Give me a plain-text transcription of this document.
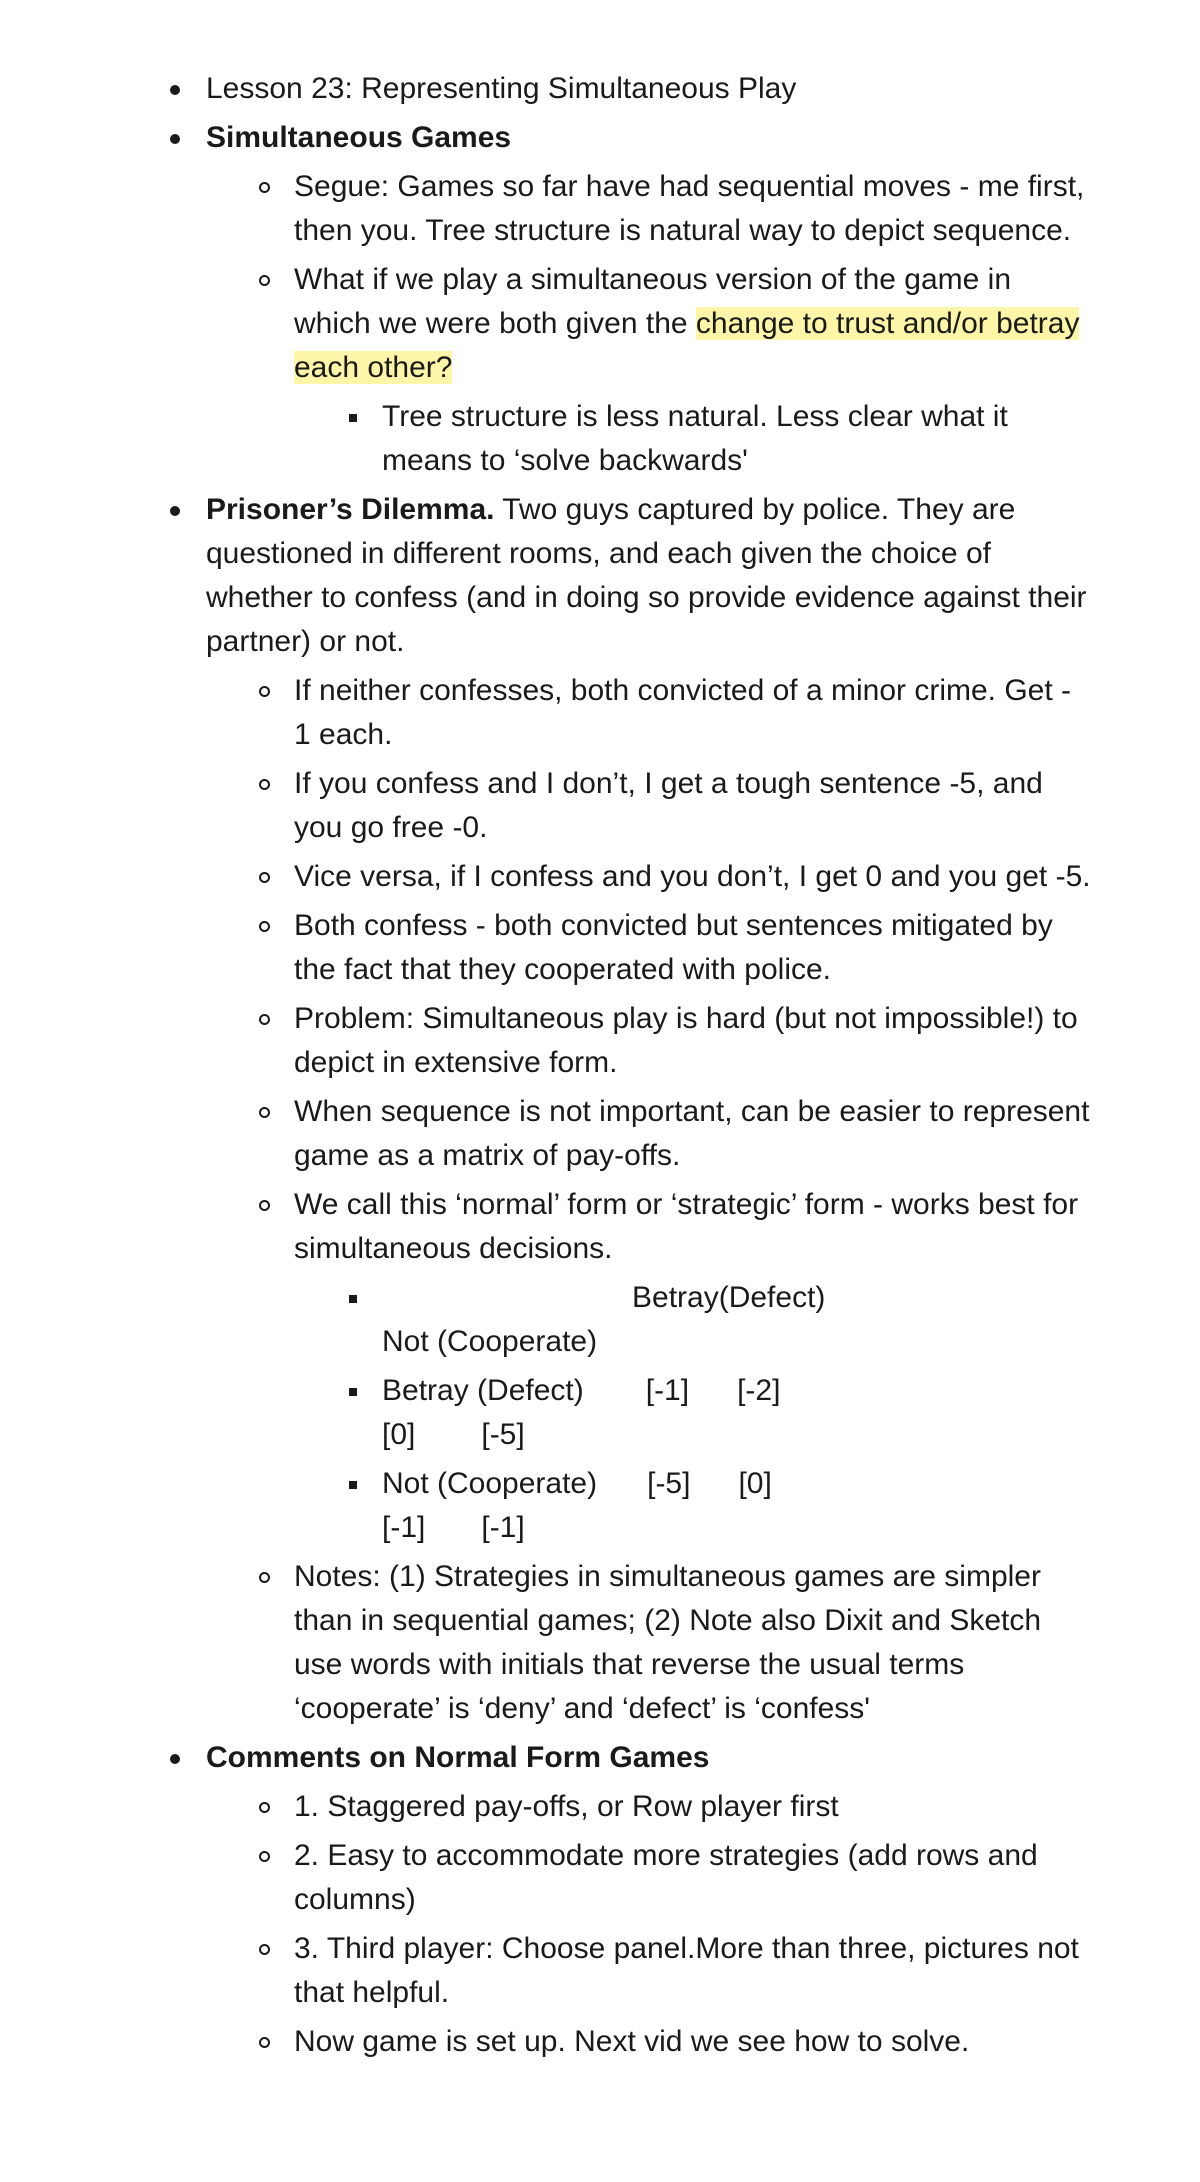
Lesson 23: Representing Simultaneous Play
Simultaneous Games
Segue: Games so far have had sequential moves - me first, then you. Tree structure is natural way to depict sequence.
What if we play a simultaneous version of the game in which we were both given the change to trust and/or betray each other?
Tree structure is less natural. Less clear what it means to ‘solve backwards'
Prisoner’s Dilemma. Two guys captured by police. They are questioned in different rooms, and each given the choice of whether to confess (and in doing so provide evidence against their partner) or not.
If neither confesses, both convicted of a minor crime. Get - 1 each.
If you confess and I don’t, I get a tough sentence -5, and you go free -0.
Vice versa, if I confess and you don’t, I get 0 and you get -5.
Both confess - both convicted but sentences mitigated by the fact that they cooperated with police.
Problem: Simultaneous play is hard (but not impossible!) to depict in extensive form.
When sequence is not important, can be easier to represent game as a matrix of pay-offs.
We call this ‘normal’ form or ‘strategic’ form - works best for simultaneous decisions.
Betray(Defect)
Not (Cooperate)
Betray (Defect) [-1] [-2]
[0] [-5]
Not (Cooperate) [-5] [0]
[-1] [-1]
Notes: (1) Strategies in simultaneous games are simpler than in sequential games; (2) Note also Dixit and Sketch use words with initials that reverse the usual terms ‘cooperate’ is ‘deny’ and ‘defect’ is ‘confess'
Comments on Normal Form Games
1. Staggered pay-offs, or Row player first
2. Easy to accommodate more strategies (add rows and columns)
3. Third player: Choose panel.More than three, pictures not that helpful.
Now game is set up. Next vid we see how to solve.
